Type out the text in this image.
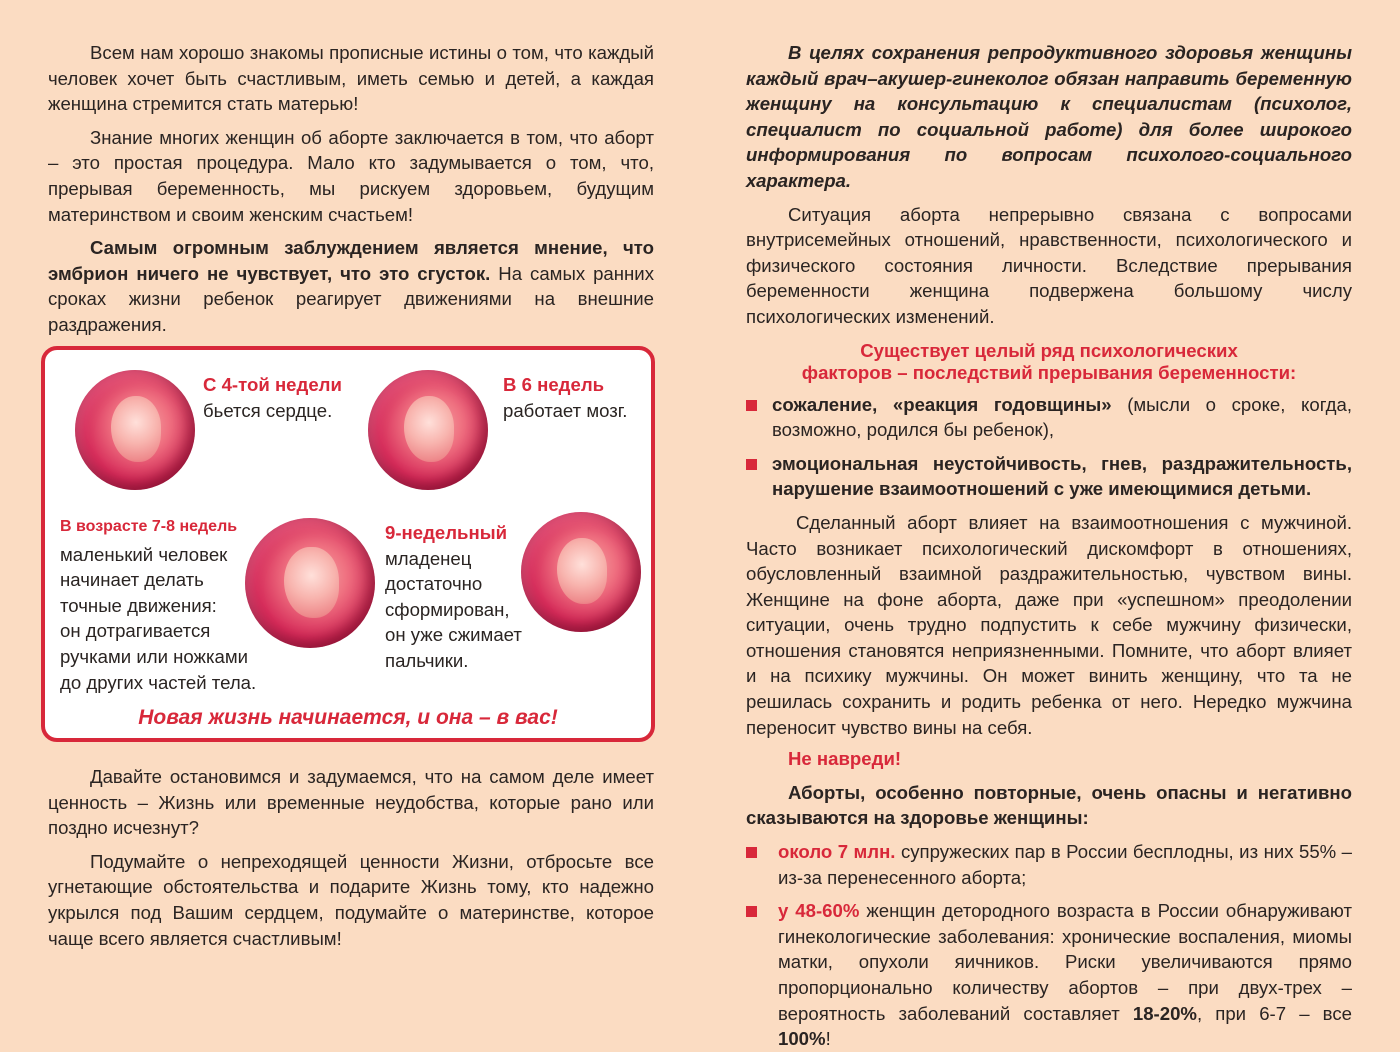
Всем нам хорошо знакомы прописные истины о том, что каждый человек хочет быть счастливым, иметь семью и детей, а каждая женщина стремится стать матерью!

Знание многих женщин об аборте заключается в том, что аборт – это простая процедура. Мало кто задумывается о том, что, прерывая беременность, мы рискуем здоровьем, будущим материнством и своим женским счастьем!

Самым огромным заблуждением является мнение, что эмбрион ничего не чувствует, что это сгусток. На самых ранних сроках жизни ребенок реагирует движениями на внешние раздражения.

С 4-той недели
бьется сердце.
В 6 недель
работает мозг.
В возрасте 7-8 недель
маленький человек
начинает делать
точные движения:
он дотрагивается
ручками или ножками
до других частей тела.
9-недельный
младенец
достаточно
сформирован,
он уже сжимает
пальчики.
Новая жизнь начинается, и она – в вас!

Давайте остановимся и задумаемся, что на самом деле имеет ценность – Жизнь или временные неудобства, которые рано или поздно исчезнут?

Подумайте о непреходящей ценности Жизни, отбросьте все угнетающие обстоятельства и подарите Жизнь тому, кто надежно укрылся под Вашим сердцем, подумайте о материнстве, которое чаще всего является счастливым!

В целях сохранения репродуктивного здоровья женщины каждый врач–акушер-гинеколог обязан направить беременную женщину на консультацию к специалистам (психолог, специалист по социальной работе) для более широкого информирования по вопросам психолого-социального характера.

Ситуация аборта непрерывно связана с вопросами внутрисемейных отношений, нравственности, психологического и физического состояния личности. Вследствие прерывания беременности женщина подвержена большому числу психологических изменений.

Существует целый ряд психологических
факторов – последствий прерывания беременности:

сожаление, «реакция годовщины» (мысли о сроке, когда, возможно, родился бы ребенок),

эмоциональная неустойчивость, гнев, раздражительность, нарушение взаимоотношений с уже имеющимися детьми.

Сделанный аборт влияет на взаимоотношения с мужчиной. Часто возникает психологический дискомфорт в отношениях, обусловленный взаимной раздражительностью, чувством вины. Женщине на фоне аборта, даже при «успешном» преодолении ситуации, очень трудно подпустить к себе мужчину физически, отношения становятся неприязненными. Помните, что аборт влияет и на психику мужчины. Он может винить женщину, что та не решилась сохранить и родить ребенка от него. Нередко мужчина переносит чувство вины на себя.

Не навреди!

Аборты, особенно повторные, очень опасны и негативно сказываются на здоровье женщины:

около 7 млн. супружеских пар в России бесплодны, из них 55% – из-за перенесенного аборта;

у 48-60% женщин детородного возраста в России обнаруживают гинекологические заболевания: хронические воспаления, миомы матки, опухоли яичников. Риски увеличиваются прямо пропорционально количеству абортов – при двух-трех – вероятность заболеваний составляет 18-20%, при 6-7 – все 100%!
